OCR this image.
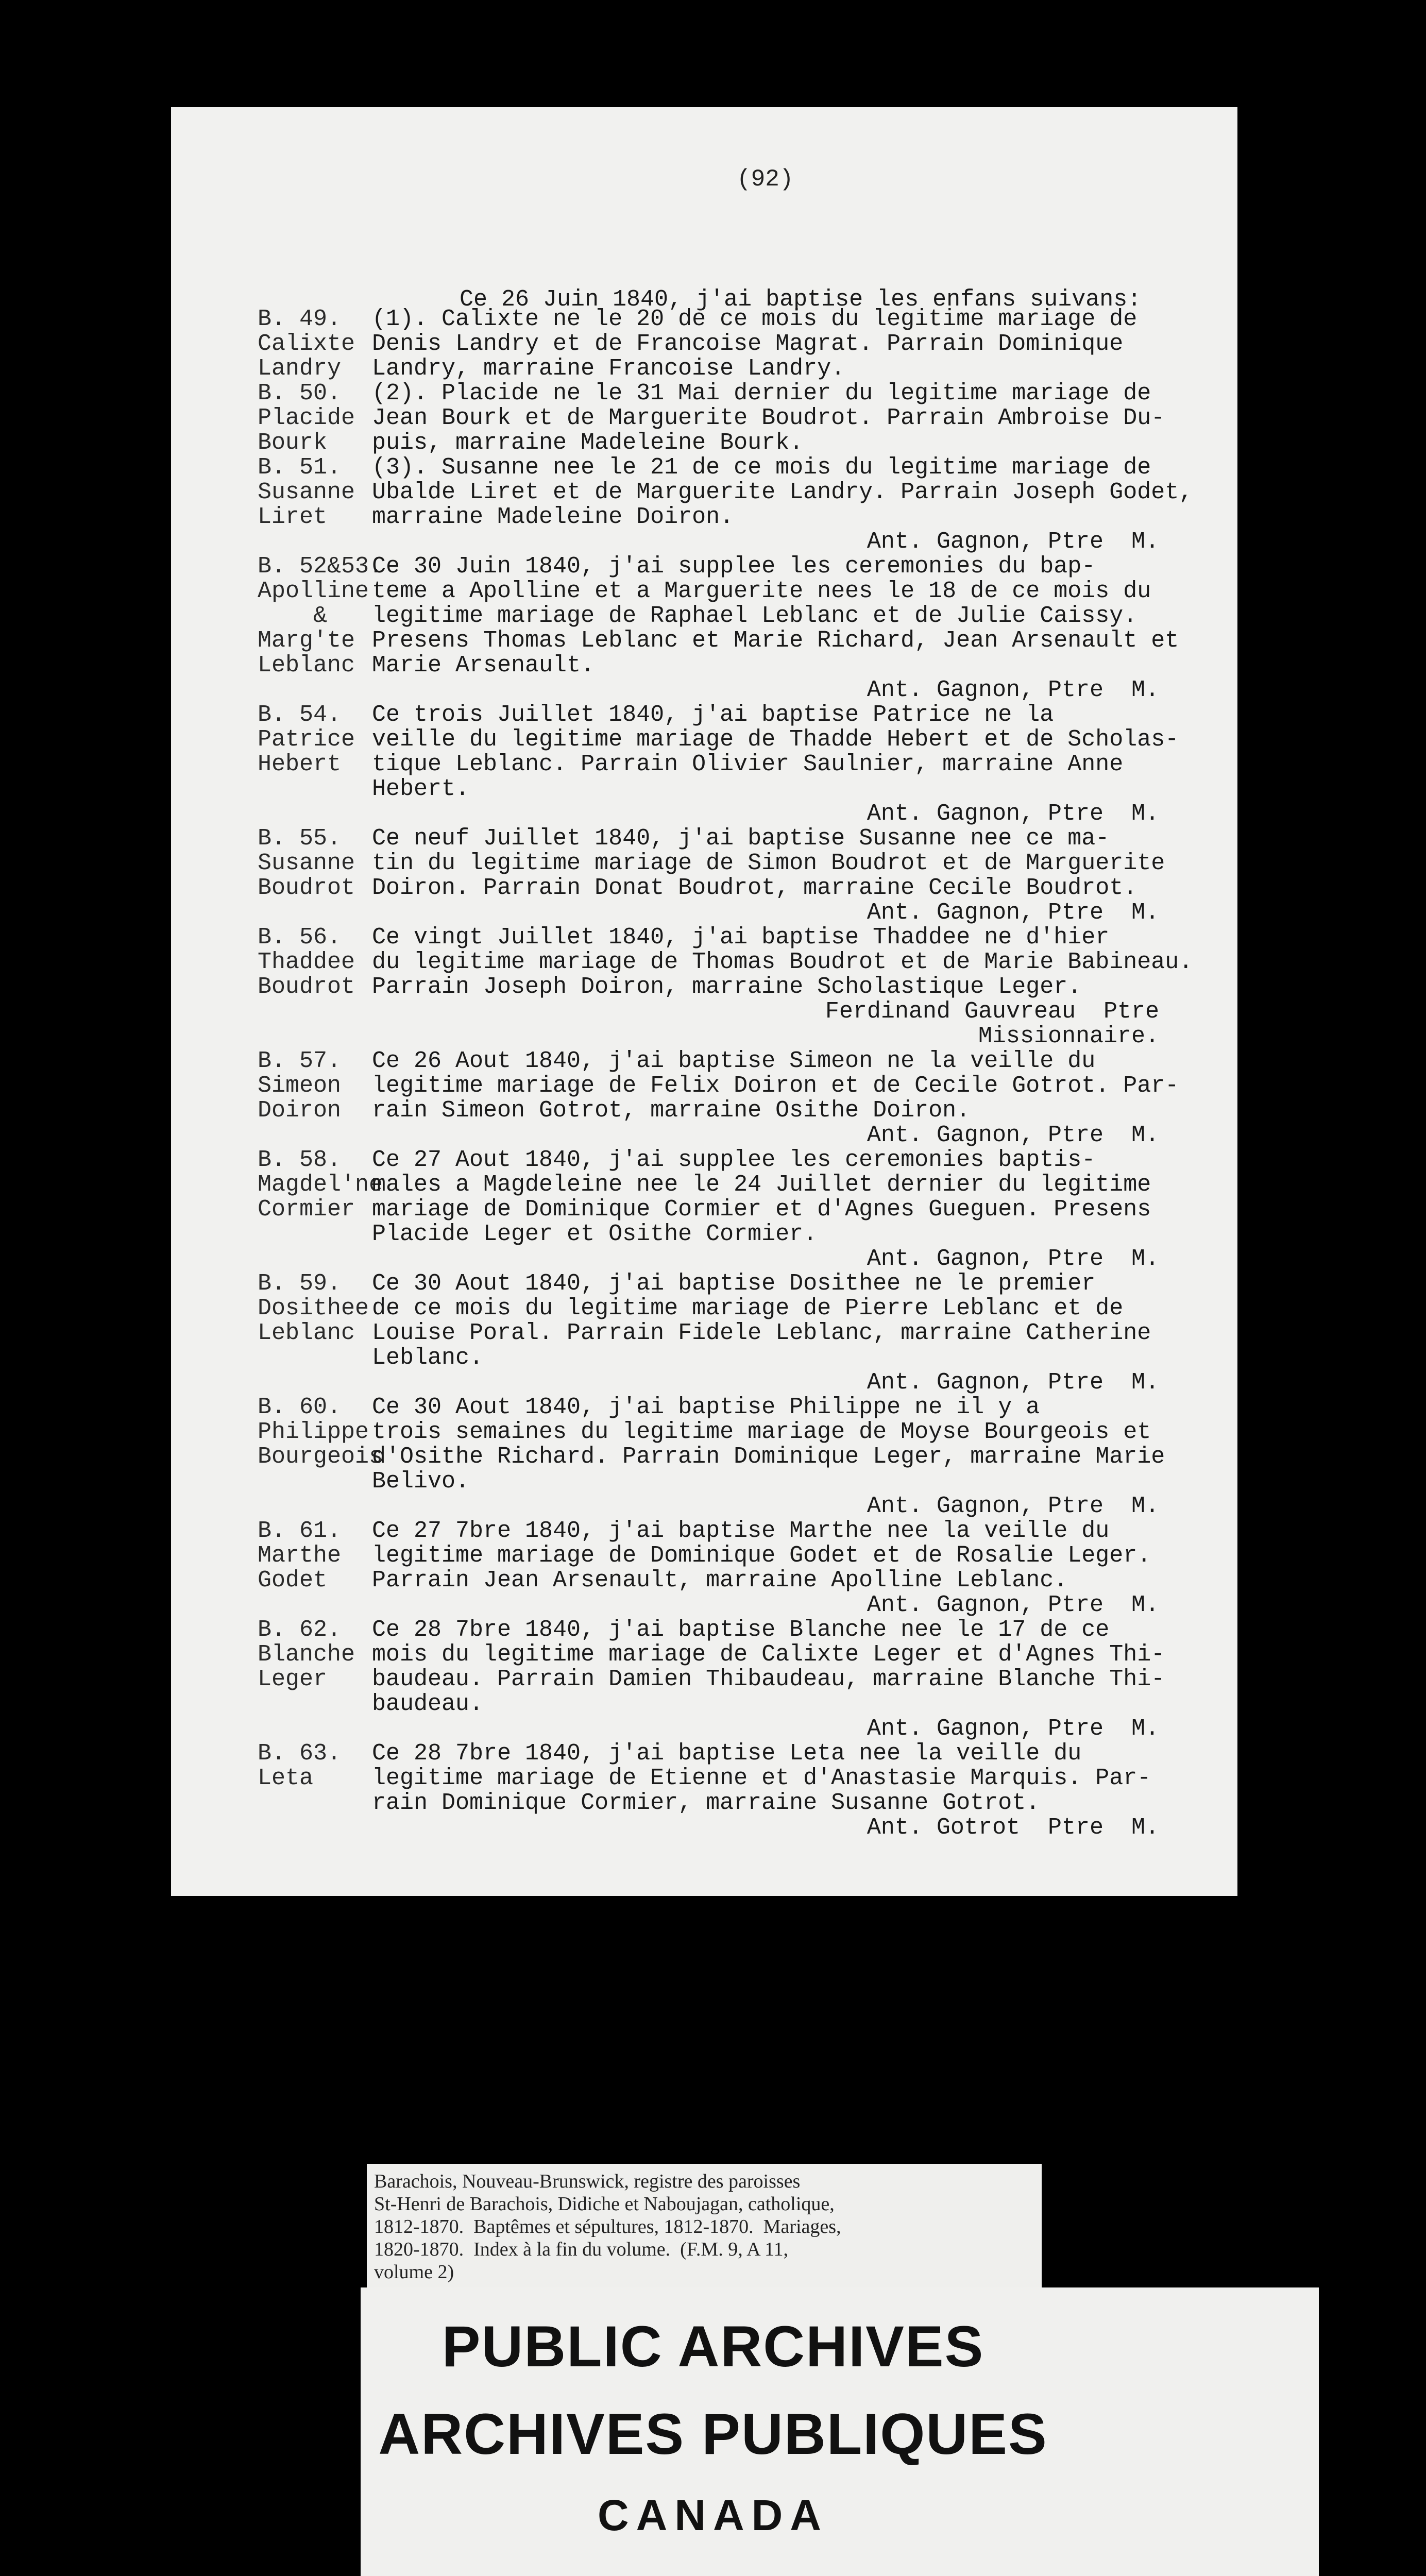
(92)
Ce 26 Juin 1840, j'ai baptise les enfans suivans:
B. 49.
Calixte
Landry
(1). Calixte ne le 20 de ce mois du legitime mariage de
Denis Landry et de Francoise Magrat. Parrain Dominique
Landry, marraine Francoise Landry.
B. 50.
Placide
Bourk
(2). Placide ne le 31 Mai dernier du legitime mariage de
Jean Bourk et de Marguerite Boudrot. Parrain Ambroise Du-
puis, marraine Madeleine Bourk.
B. 51.
Susanne
Liret
(3). Susanne nee le 21 de ce mois du legitime mariage de
Ubalde Liret et de Marguerite Landry. Parrain Joseph Godet,
marraine Madeleine Doiron.
Ant. Gagnon, Ptre  M.
B. 52&53.
Apolline
&
Marg'te
Leblanc
Ce 30 Juin 1840, j'ai supplee les ceremonies du bap-
teme a Apolline et a Marguerite nees le 18 de ce mois du
legitime mariage de Raphael Leblanc et de Julie Caissy.
Presens Thomas Leblanc et Marie Richard, Jean Arsenault et
Marie Arsenault.
Ant. Gagnon, Ptre  M.
B. 54.
Patrice
Hebert
Ce trois Juillet 1840, j'ai baptise Patrice ne la
veille du legitime mariage de Thadde Hebert et de Scholas-
tique Leblanc. Parrain Olivier Saulnier, marraine Anne
Hebert.
Ant. Gagnon, Ptre  M.
B. 55.
Susanne
Boudrot
Ce neuf Juillet 1840, j'ai baptise Susanne nee ce ma-
tin du legitime mariage de Simon Boudrot et de Marguerite
Doiron. Parrain Donat Boudrot, marraine Cecile Boudrot.
Ant. Gagnon, Ptre  M.
B. 56.
Thaddee
Boudrot
Ce vingt Juillet 1840, j'ai baptise Thaddee ne d'hier
du legitime mariage de Thomas Boudrot et de Marie Babineau.
Parrain Joseph Doiron, marraine Scholastique Leger.
Ferdinand Gauvreau  Ptre
Missionnaire.
B. 57.
Simeon
Doiron
Ce 26 Aout 1840, j'ai baptise Simeon ne la veille du
legitime mariage de Felix Doiron et de Cecile Gotrot. Par-
rain Simeon Gotrot, marraine Osithe Doiron.
Ant. Gagnon, Ptre  M.
B. 58.
Magdel'ne
Cormier
Ce 27 Aout 1840, j'ai supplee les ceremonies baptis-
males a Magdeleine nee le 24 Juillet dernier du legitime
mariage de Dominique Cormier et d'Agnes Gueguen. Presens
Placide Leger et Osithe Cormier.
Ant. Gagnon, Ptre  M.
B. 59.
Dosithee
Leblanc
Ce 30 Aout 1840, j'ai baptise Dosithee ne le premier
de ce mois du legitime mariage de Pierre Leblanc et de
Louise Poral. Parrain Fidele Leblanc, marraine Catherine
Leblanc.
Ant. Gagnon, Ptre  M.
B. 60.
Philippe
Bourgeois
Ce 30 Aout 1840, j'ai baptise Philippe ne il y a
trois semaines du legitime mariage de Moyse Bourgeois et
d'Osithe Richard. Parrain Dominique Leger, marraine Marie
Belivo.
Ant. Gagnon, Ptre  M.
B. 61.
Marthe
Godet
Ce 27 7bre 1840, j'ai baptise Marthe nee la veille du
legitime mariage de Dominique Godet et de Rosalie Leger.
Parrain Jean Arsenault, marraine Apolline Leblanc.
Ant. Gagnon, Ptre  M.
B. 62.
Blanche
Leger
Ce 28 7bre 1840, j'ai baptise Blanche nee le 17 de ce
mois du legitime mariage de Calixte Leger et d'Agnes Thi-
baudeau. Parrain Damien Thibaudeau, marraine Blanche Thi-
baudeau.
Ant. Gagnon, Ptre  M.
B. 63.
Leta
Ce 28 7bre 1840, j'ai baptise Leta nee la veille du
legitime mariage de Etienne et d'Anastasie Marquis. Par-
rain Dominique Cormier, marraine Susanne Gotrot.
Ant. Gotrot  Ptre  M.
Barachois, Nouveau-Brunswick, registre des paroisses
St-Henri de Barachois, Didiche et Naboujagan, catholique,
1812-1870.  Baptêmes et sépultures, 1812-1870.  Mariages,
1820-1870.  Index à la fin du volume.  (F.M. 9, A 11,
volume 2)
PUBLIC ARCHIVES
ARCHIVES PUBLIQUES
CANADA
